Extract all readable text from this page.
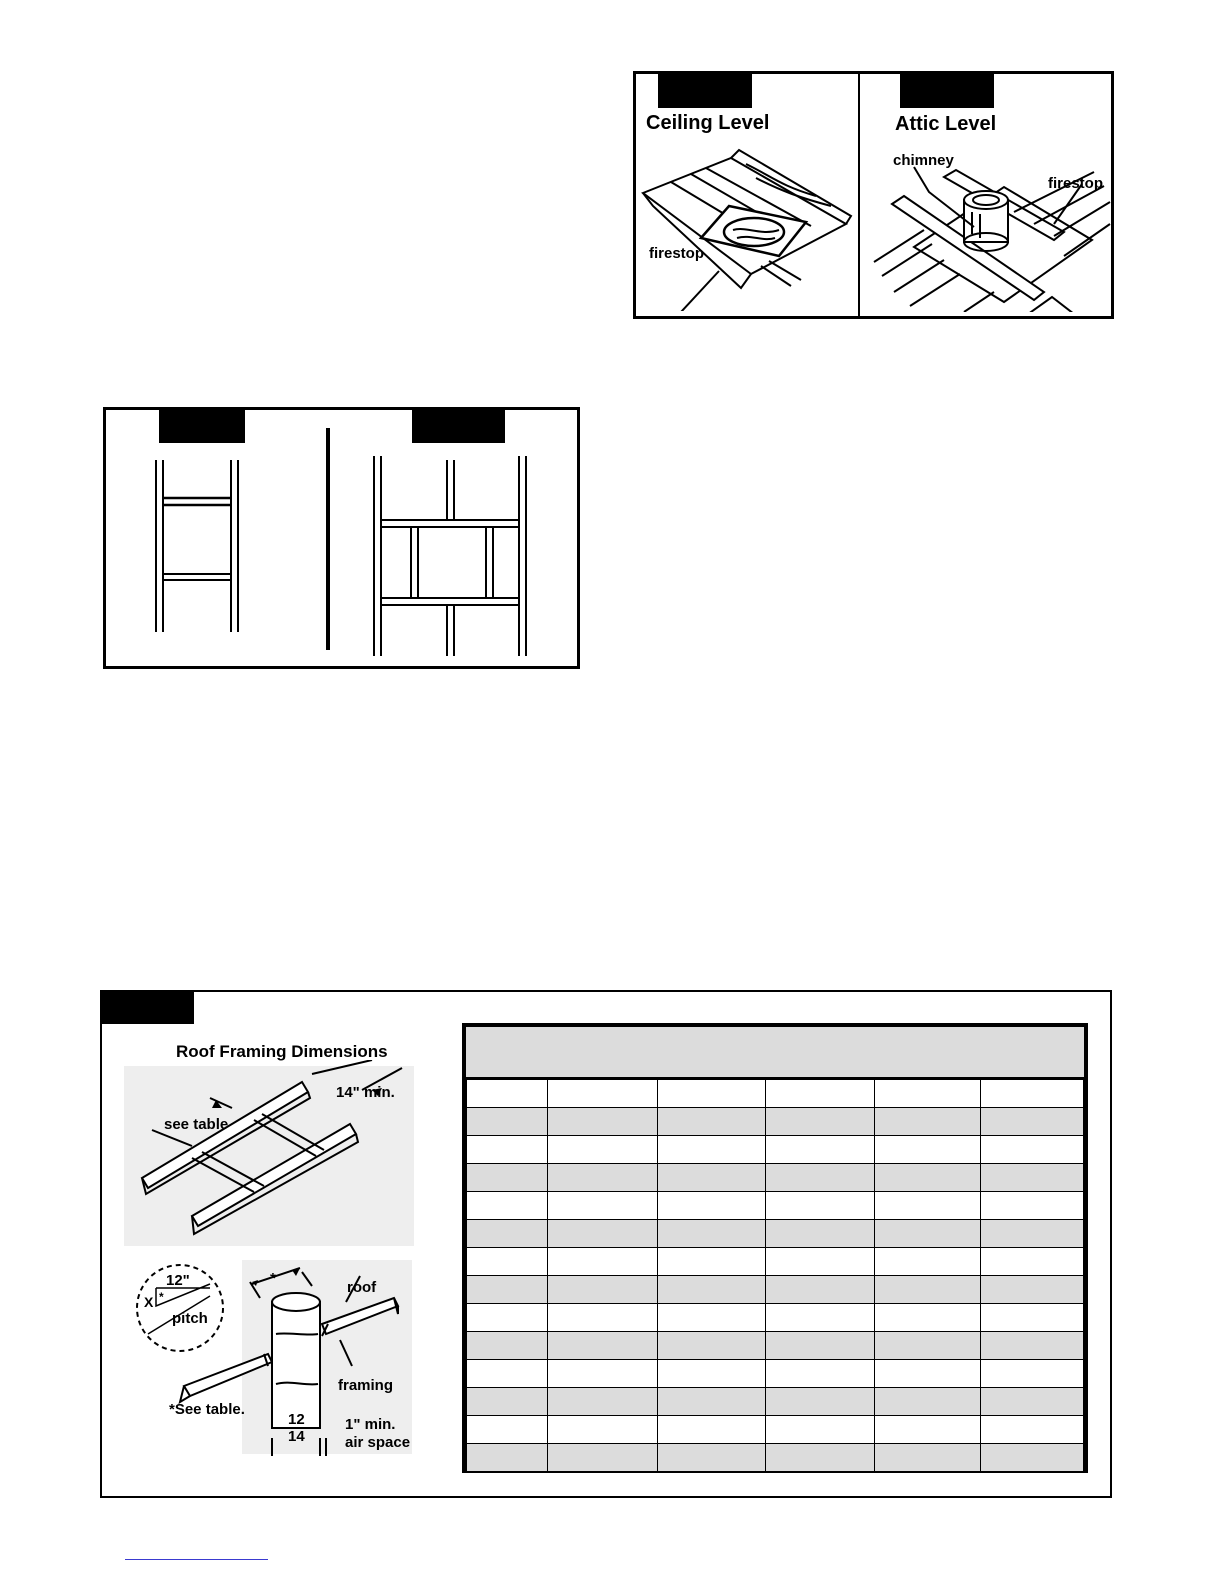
Ceiling Level	Attic Level
firestop
chimney
firestop
Roof Framing Dimensions
see table
14" min.
12"
X *
pitch
*
roof
framing
*See table.
12
14
1" min.
air space
